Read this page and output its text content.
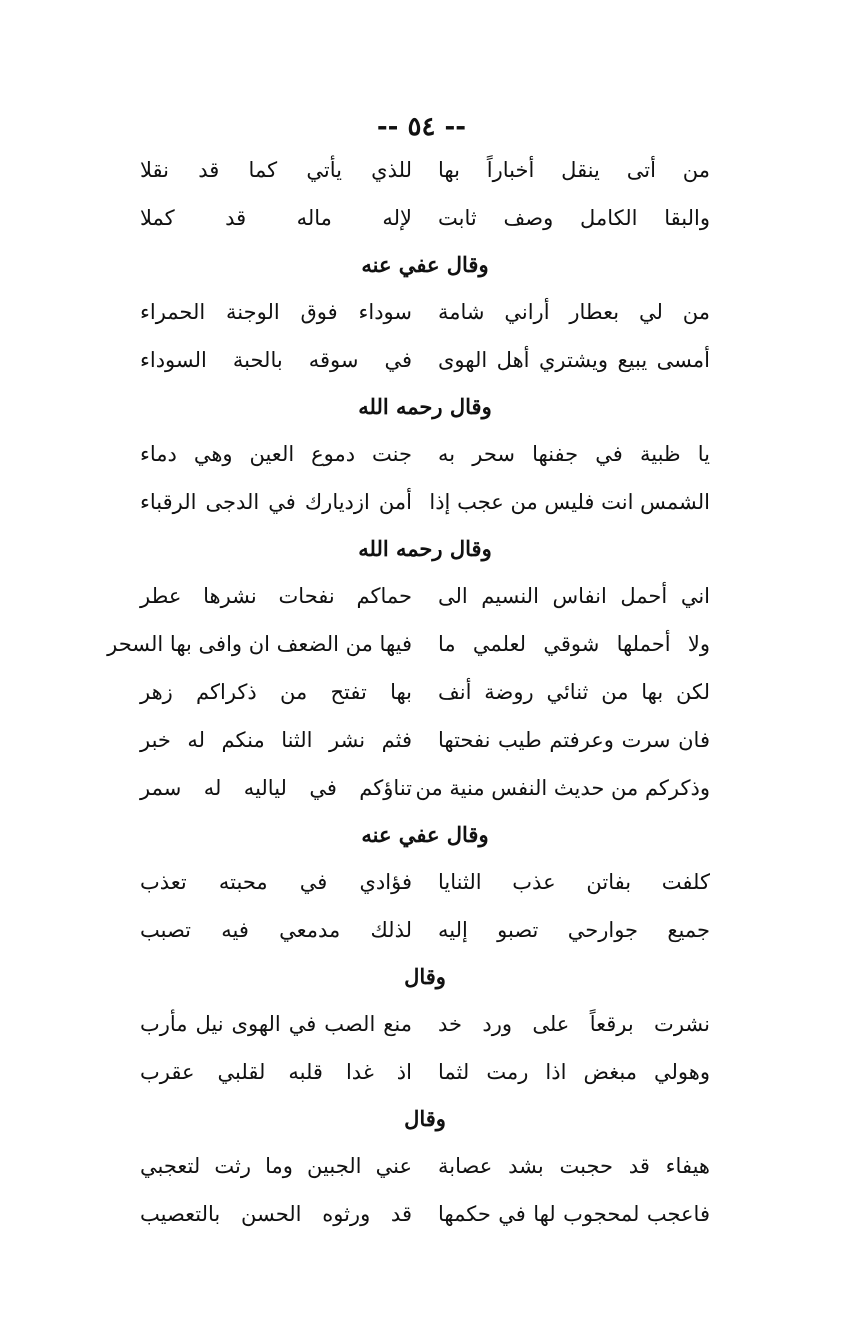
-- ٥٤ --
من أتى ينقل أخباراً بها
للذي يأتي كما قد نقلا
والبقا الكامل وصف ثابت
لإله ماله قد كملا
وقال عفي عنه
من لي بعطار أراني شامة
سوداء فوق الوجنة الحمراء
أمسى يبيع ويشتري أهل الهوى
في سوقه بالحبة السوداء
وقال رحمه الله
يا ظبية في جفنها سحر به
جنت دموع العين وهي دماء
الشمس انت فليس من عجب إذا
أمن ازديارك في الدجى الرقباء
وقال رحمه الله
اني أحمل انفاس النسيم الى
حماكم نفحات نشرها عطر
ولا أحملها شوقي لعلمي ما
فيها من الضعف ان وافى بها السحر
لكن بها من ثنائي روضة أنف
بها تفتح من ذكراكم زهر
فان سرت وعرفتم طيب نفحتها
فثم نشر الثنا منكم له خبر
وذكركم من حديث النفس منية من
تناؤكم في لياليه له سمر
وقال عفي عنه
كلفت بفاتن عذب الثنايا
فؤادي في محبته تعذب
جميع جوارحي تصبو إليه
لذلك مدمعي فيه تصبب
وقال
نشرت برقعاً على ورد خد
منع الصب في الهوى نيل مأرب
وهولي مبغض اذا رمت لثما
اذ غدا قلبه لقلبي عقرب
وقال
هيفاء قد حجبت بشد عصابة
عني الجبين وما رثت لتعجبي
فاعجب لمحجوب لها في حكمها
قد ورثوه الحسن بالتعصيب
